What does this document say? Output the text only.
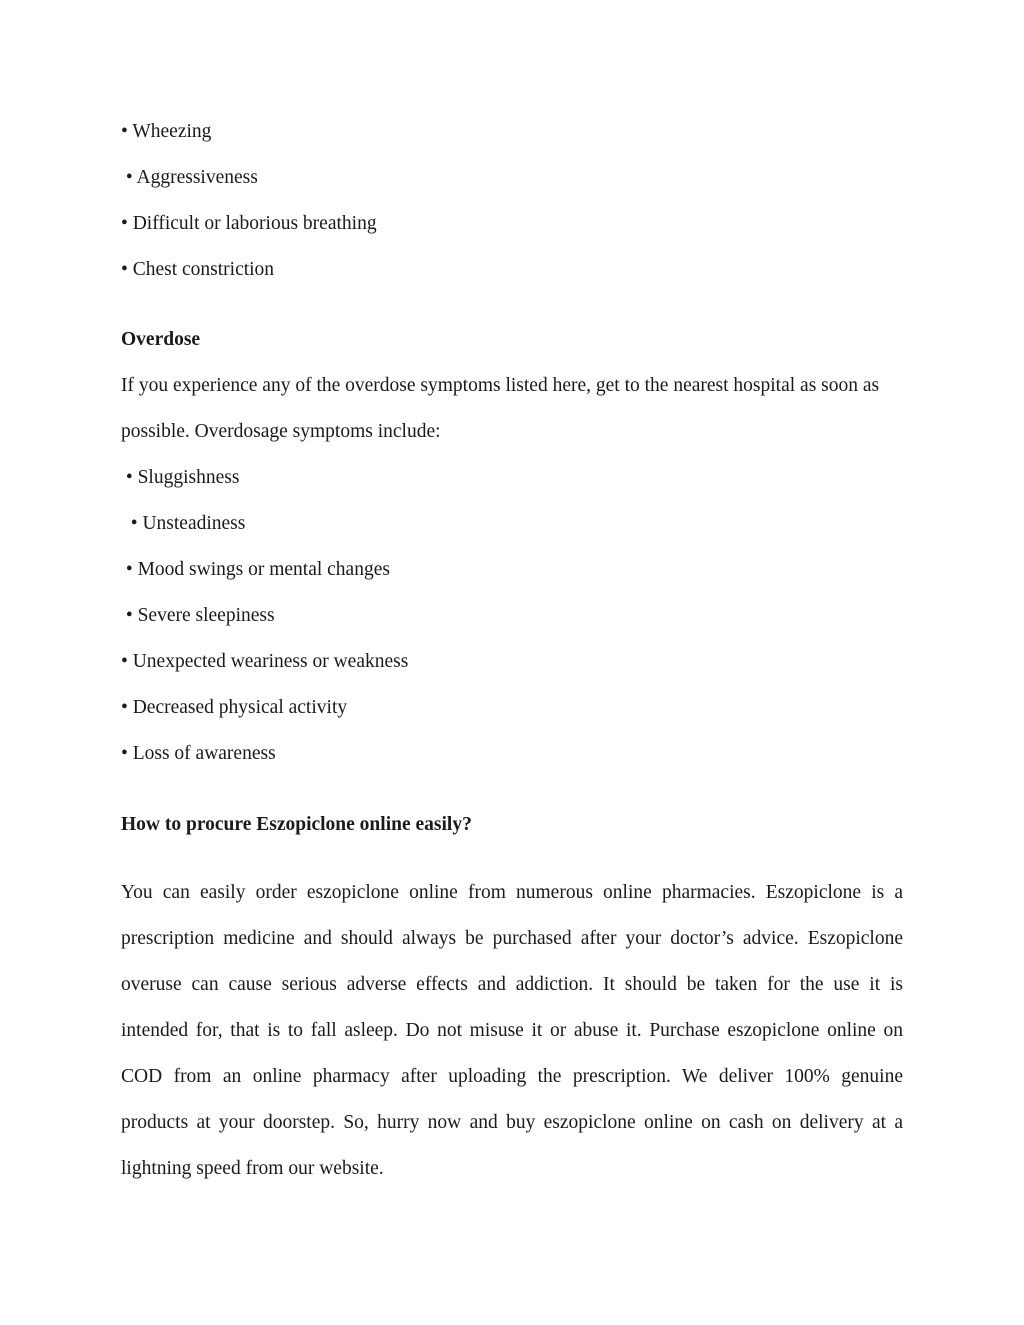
• Wheezing
• Aggressiveness
• Difficult or laborious breathing
• Chest constriction
Overdose
If you experience any of the overdose symptoms listed here, get to the nearest hospital as soon as
possible. Overdosage symptoms include:
• Sluggishness
• Unsteadiness
• Mood swings or mental changes
• Severe sleepiness
• Unexpected weariness or weakness
• Decreased physical activity
• Loss of awareness
How to procure Eszopiclone online easily?
You can easily order eszopiclone online from numerous online pharmacies. Eszopiclone is a
prescription medicine and should always be purchased after your doctor’s advice. Eszopiclone
overuse can cause serious adverse effects and addiction. It should be taken for the use it is
intended for, that is to fall asleep. Do not misuse it or abuse it. Purchase eszopiclone online on
COD from an online pharmacy after uploading the prescription. We deliver 100% genuine
products at your doorstep. So, hurry now and buy eszopiclone online on cash on delivery at a
lightning speed from our website.
